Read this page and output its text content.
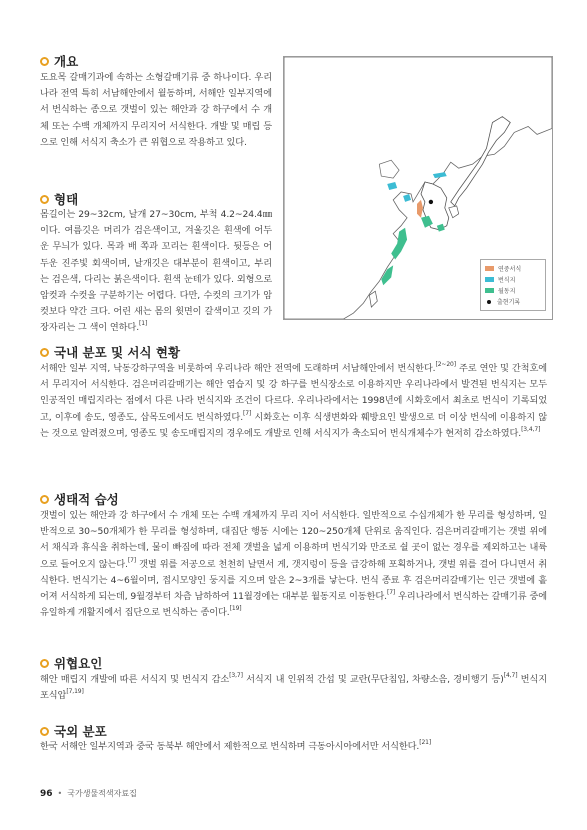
개요

도요목 갈매기과에 속하는 소형갈매기류 중 하나이다. 우리나라 전역 특히 서남해안에서 월동하며, 서해안 일부지역에서 번식하는 종으로 갯벌이 있는 해안과 강 하구에서 수 개체 또는 수백 개체까지 무리지어 서식한다. 개발 및 매립 등으로 인해 서식지 축소가 큰 위협으로 작용하고 있다.

형태

몸길이는 29~32cm, 날개 27~30cm, 부척 4.2~24.4㎜이다. 여름깃은 머리가 검은색이고, 겨울깃은 흰색에 어두운 무늬가 있다. 목과 배 쪽과 꼬리는 흰색이다. 뒷등은 어두운 진주빛 회색이며, 날개깃은 대부분이 흰색이고, 부리는 검은색, 다리는 붉은색이다. 흰색 눈테가 있다. 외형으로 암컷과 수컷을 구분하기는 어렵다. 다만, 수컷의 크기가 암컷보다 약간 크다. 어린 새는 몸의 윗면이 갈색이고 깃의 가장자리는 그 색이 연하다.[1]

연중서식
번식지
월동지
출현기록
국내 분포 및 서식 현황

서해안 일부 지역, 낙동강하구역을 비롯하여 우리나라 해안 전역에 도래하며 서남해안에서 번식한다.[2~20] 주로 연안 및 간척호에서 무리지어 서식한다. 검은머리갈매기는 해안 염습지 및 강 하구를 번식장소로 이용하지만 우리나라에서 발견된 번식지는 모두 인공적인 매립지라는 점에서 다른 나라 번식지와 조건이 다르다. 우리나라에서는 1998년에 시화호에서 최초로 번식이 기록되었고, 이후에 송도, 영종도, 삽목도에서도 번식하였다.[7] 시화호는 이후 식생변화와 훼방요인 발생으로 더 이상 번식에 이용하지 않는 것으로 알려졌으며, 영종도 및 송도매립지의 경우에도 개발로 인해 서식지가 축소되어 번식개체수가 현저히 감소하였다.[3,4,7]

생태적 습성

갯벌이 있는 해안과 강 하구에서 수 개체 또는 수백 개체까지 무리 지어 서식한다. 일반적으로 수십개체가 한 무리를 형성하며, 일반적으로 30~50개체가 한 무리를 형성하며, 대집단 행동 시에는 120~250개체 단위로 움직인다. 검은머리갈매기는 갯벌 위에서 채식과 휴식을 취하는데, 물이 빠짐에 따라 전체 갯벌을 넓게 이용하며 번식기와 만조로 쉴 곳이 없는 경우를 제외하고는 내륙으로 들어오지 않는다.[7] 갯벌 위를 저공으로 천천히 날면서 게, 갯지렁이 등을 급강하해 포획하거나, 갯벌 위를 걸어 다니면서 취식한다. 번식기는 4~6월이며, 접시모양인 둥지를 지으며 알은 2~3개를 낳는다. 번식 종료 후 검은머리갈매기는 인근 갯벌에 흩어져 서식하게 되는데, 9월경부터 차츰 남하하여 11월경에는 대부분 월동지로 이동한다.[7] 우리나라에서 번식하는 갈매기류 중에 유일하게 개활지에서 집단으로 번식하는 종이다.[19]

위협요인

해안 매립지 개발에 따른 서식지 및 번식지 감소[3,7] 서식지 내 인위적 간섭 및 교란(무단침입, 차량소음, 경비행기 등)[4,7] 번식지 포식압[7,19]

국외 분포

한국 서해안 일부지역과 중국 동북부 해안에서 제한적으로 번식하며 극동아시아에서만 서식한다.[21]

96 • 국가생물적색자료집
